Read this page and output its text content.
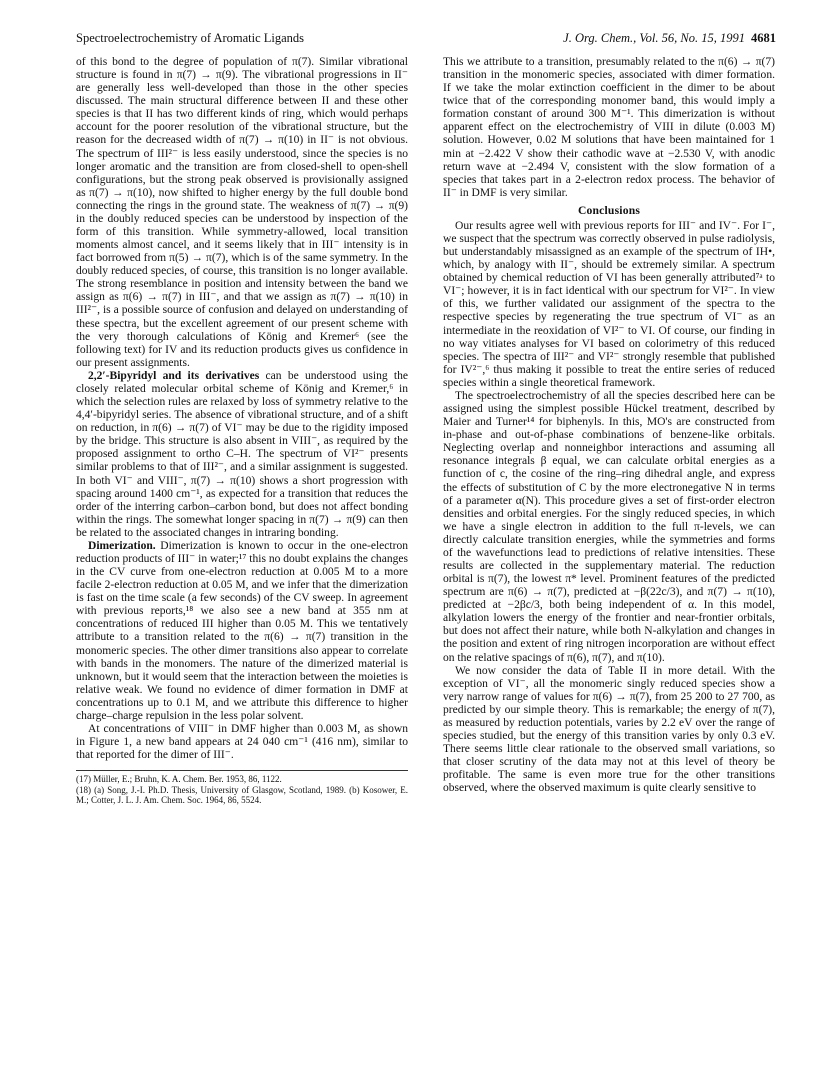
Spectroelectrochemistry of Aromatic Ligands	J. Org. Chem., Vol. 56, No. 15, 1991 4681

of this bond to the degree of population of π(7). Similar vibrational structure is found in π(7) → π(9). The vibrational progressions in II⁻ are generally less well-developed than those in the other species discussed. The main structural difference between II and these other species is that II has two different kinds of ring, which would perhaps account for the poorer resolution of the vibrational structure, but the reason for the decreased width of π(7) → π(10) in II⁻ is not obvious. The spectrum of III²⁻ is less easily understood, since the species is no longer aromatic and the transition are from closed-shell to open-shell configurations, but the strong peak observed is provisionally assigned as π(7) → π(10), now shifted to higher energy by the full double bond connecting the rings in the ground state. The weakness of π(7) → π(9) in the doubly reduced species can be understood by inspection of the form of this transition. While symmetry-allowed, local transition moments almost cancel, and it seems likely that in III⁻ intensity is in fact borrowed from π(5) → π(7), which is of the same symmetry. In the doubly reduced species, of course, this transition is no longer available. The strong resemblance in position and intensity between the band we assign as π(6) → π(7) in III⁻, and that we assign as π(7) → π(10) in III²⁻, is a possible source of confusion and delayed on understanding of these spectra, but the excellent agreement of our present scheme with the very thorough calculations of König and Kremer⁶ (see the following text) for IV and its reduction products gives us confidence in our present assignments.

2,2′-Bipyridyl and its derivatives can be understood using the closely related molecular orbital scheme of König and Kremer,⁶ in which the selection rules are relaxed by loss of symmetry relative to the 4,4′-bipyridyl series. The absence of vibrational structure, and of a shift on reduction, in π(6) → π(7) of VI⁻ may be due to the rigidity imposed by the bridge. This structure is also absent in VIII⁻, as required by the proposed assignment to ortho C–H. The spectrum of VI²⁻ presents similar problems to that of III²⁻, and a similar assignment is suggested. In both VI⁻ and VIII⁻, π(7) → π(10) shows a short progression with spacing around 1400 cm⁻¹, as expected for a transition that reduces the order of the interring carbon–carbon bond, but does not affect bonding within the rings. The somewhat longer spacing in π(7) → π(9) can then be related to the associated changes in intraring bonding.

Dimerization. Dimerization is known to occur in the one-electron reduction products of III⁻ in water;¹⁷ this no doubt explains the changes in the CV curve from one-electron reduction at 0.005 M to a more facile 2-electron reduction at 0.05 M, and we infer that the dimerization is fast on the time scale (a few seconds) of the CV sweep. In agreement with previous reports,¹⁸ we also see a new band at 355 nm at concentrations of reduced III higher than 0.05 M. This we tentatively attribute to a transition related to the π(6) → π(7) transition in the monomeric species. The other dimer transitions also appear to correlate with bands in the monomers. The nature of the dimerized material is unknown, but it would seem that the interaction between the moieties is relative weak. We found no evidence of dimer formation in DMF at concentrations up to 0.1 M, and we attribute this difference to higher charge–charge repulsion in the less polar solvent.

At concentrations of VIII⁻ in DMF higher than 0.003 M, as shown in Figure 1, a new band appears at 24 040 cm⁻¹ (416 nm), similar to that reported for the dimer of III⁻.

(17) Müller, E.; Bruhn, K. A. Chem. Ber. 1953, 86, 1122.
(18) (a) Song, J.-I. Ph.D. Thesis, University of Glasgow, Scotland, 1989. (b) Kosower, E. M.; Cotter, J. L. J. Am. Chem. Soc. 1964, 86, 5524.

This we attribute to a transition, presumably related to the π(6) → π(7) transition in the monomeric species, associated with dimer formation. If we take the molar extinction coefficient in the dimer to be about twice that of the corresponding monomer band, this would imply a formation constant of around 300 M⁻¹. This dimerization is without apparent effect on the electrochemistry of VIII in dilute (0.003 M) solution. However, 0.02 M solutions that have been maintained for 1 min at −2.422 V show their cathodic wave at −2.530 V, with anodic return wave at −2.494 V, consistent with the slow formation of a species that takes part in a 2-electron redox process. The behavior of II⁻ in DMF is very similar.

Conclusions

Our results agree well with previous reports for III⁻ and IV⁻. For I⁻, we suspect that the spectrum was correctly observed in pulse radiolysis, but understandably misassigned as an example of the spectrum of IH•, which, by analogy with II⁻, should be extremely similar. A spectrum obtained by chemical reduction of VI has been generally attributed⁷ᵃ to VI⁻; however, it is in fact identical with our spectrum for VI²⁻. In view of this, we further validated our assignment of the spectra to the respective species by regenerating the true spectrum of VI⁻ as an intermediate in the reoxidation of VI²⁻ to VI. Of course, our finding in no way vitiates analyses for VI based on colorimetry of this reduced species. The spectra of III²⁻ and VI²⁻ strongly resemble that published for IV²⁻,⁶ thus making it possible to treat the entire series of reduced species within a single theoretical framework.

The spectroelectrochemistry of all the species described here can be assigned using the simplest possible Hückel treatment, described by Maier and Turner¹⁴ for biphenyls. In this, MO's are constructed from in-phase and out-of-phase combinations of benzene-like orbitals. Neglecting overlap and nonneighbor interactions and assuming all resonance integrals β equal, we can calculate orbital energies as a function of c, the cosine of the ring–ring dihedral angle, and express the effects of substitution of C by the more electronegative N in terms of a parameter α(N). This procedure gives a set of first-order electron densities and orbital energies. For the singly reduced species, in which we have a single electron in addition to the full π-levels, we can directly calculate transition energies, while the symmetries and forms of the wavefunctions lead to predictions of relative intensities. These results are collected in the supplementary material. The reduction orbital is π(7), the lowest π* level. Prominent features of the predicted spectrum are π(6) → π(7), predicted at −β(22c/3), and π(7) → π(10), predicted at −2βc/3, both being independent of α. In this model, alkylation lowers the energy of the frontier and near-frontier orbitals, but does not affect their nature, while both N-alkylation and changes in the position and extent of ring nitrogen incorporation are without effect on the relative spacings of π(6), π(7), and π(10).

We now consider the data of Table II in more detail. With the exception of VI⁻, all the monomeric singly reduced species show a very narrow range of values for π(6) → π(7), from 25 200 to 27 700, as predicted by our simple theory. This is remarkable; the energy of π(7), as measured by reduction potentials, varies by 2.2 eV over the range of species studied, but the energy of this transition varies by only 0.3 eV. There seems little clear rationale to the observed small variations, so that closer scrutiny of the data may not at this level of theory be profitable. The same is even more true for the other transitions observed, where the observed maximum is quite clearly sensitive to
